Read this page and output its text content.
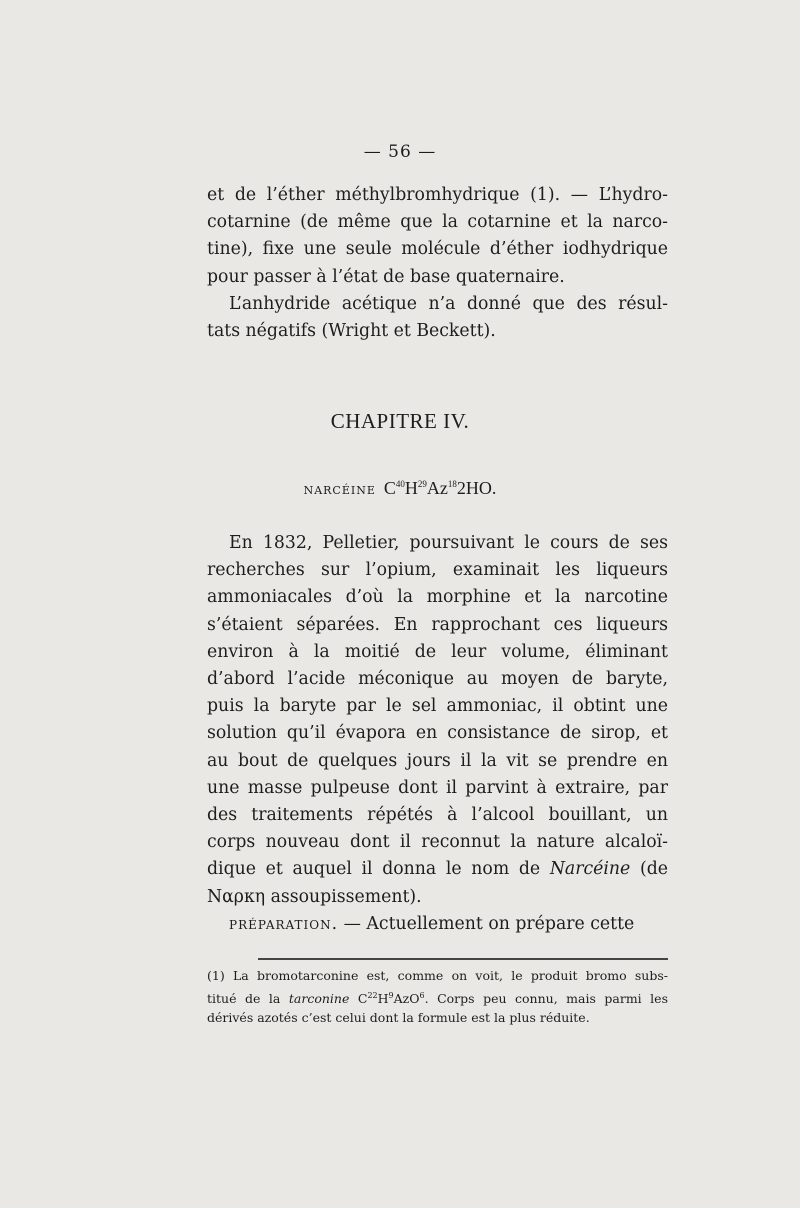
— 56 —

et de l’éther méthylbromhydrique (1). — L’hydro-

cotarnine (de même que la cotarnine et la narco-

tine), fixe une seule molécule d’éther iodhydrique

pour passer à l’état de base quaternaire.

L’anhydride acétique n’a donné que des résul-

tats négatifs (Wright et Beckett).

CHAPITRE IV.
narcéine $C^{40}H^{29}Az^{18}2HO$.

En 1832, Pelletier, poursuivant le cours de ses

recherches sur l’opium, examinait les liqueurs

ammoniacales d’où la morphine et la narcotine

s’étaient séparées. En rapprochant ces liqueurs

environ à la moitié de leur volume, éliminant

d’abord l’acide méconique au moyen de baryte,

puis la baryte par le sel ammoniac, il obtint une

solution qu’il évapora en consistance de sirop, et

au bout de quelques jours il la vit se prendre en

une masse pulpeuse dont il parvint à extraire, par

des traitements répétés à l’alcool bouillant, un

corps nouveau dont il reconnut la nature alcaloï-

dique et auquel il donna le nom de Narcéine (de

Ναρκη assoupissement).

préparation. — Actuellement on prépare cette

(1) La bromotarconine est, comme on voit, le produit bromo subs-

titué de la tarconine $C^{22}H^9AzO^6$. Corps peu connu, mais parmi les

dérivés azotés c’est celui dont la formule est la plus réduite.
